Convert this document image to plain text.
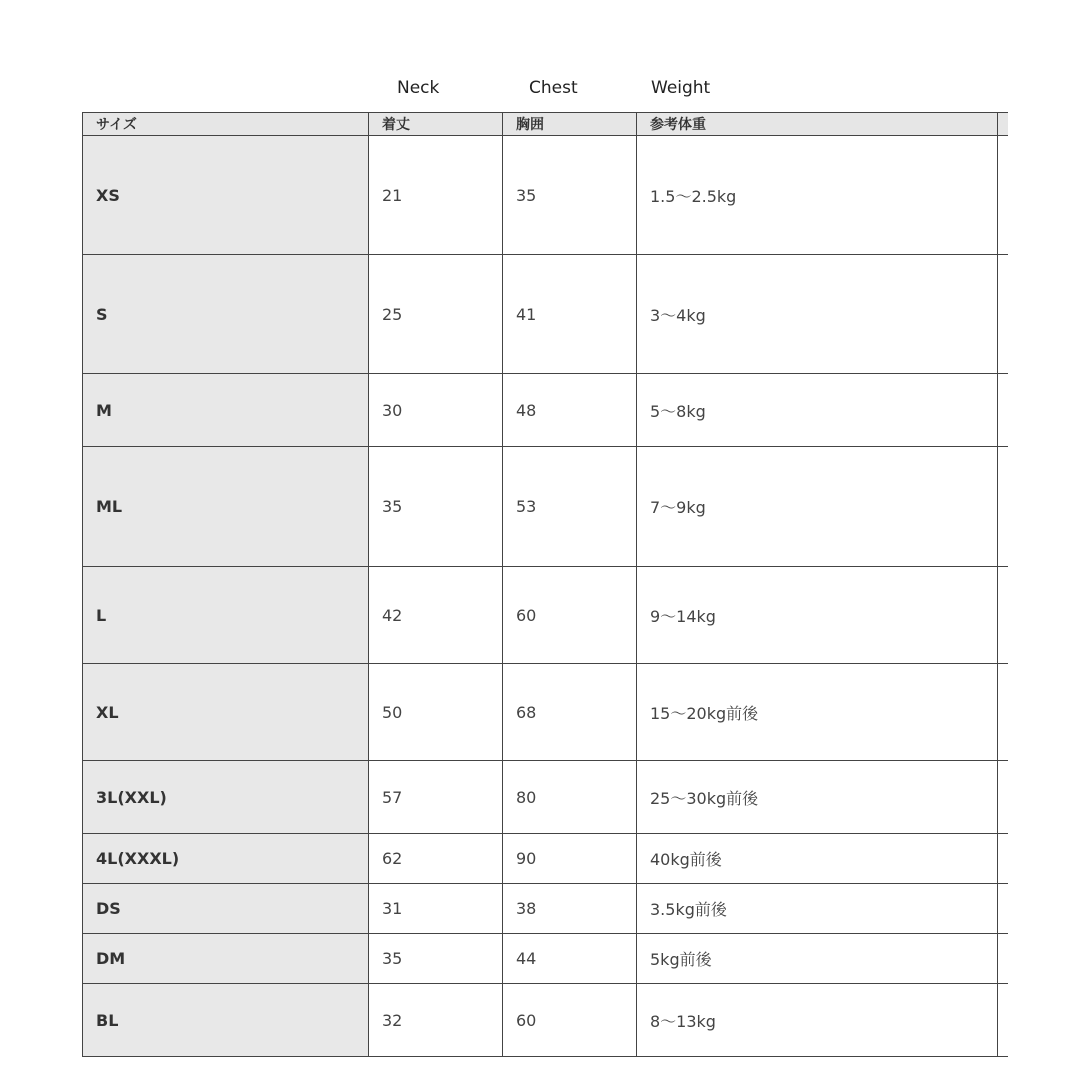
Neck	Chest	Weight
サイズ	着丈	胸囲	参考体重	
XS	21	35	1.5〜2.5kg	
S	25	41	3〜4kg	
M	30	48	5〜8kg	
ML	35	53	7〜9kg	
L	42	60	9〜14kg	
XL	50	68	15〜20kg前後	
3L(XXL)	57	80	25〜30kg前後	
4L(XXXL)	62	90	40kg前後	
DS	31	38	3.5kg前後	
DM	35	44	5kg前後	
BL	32	60	8〜13kg	
